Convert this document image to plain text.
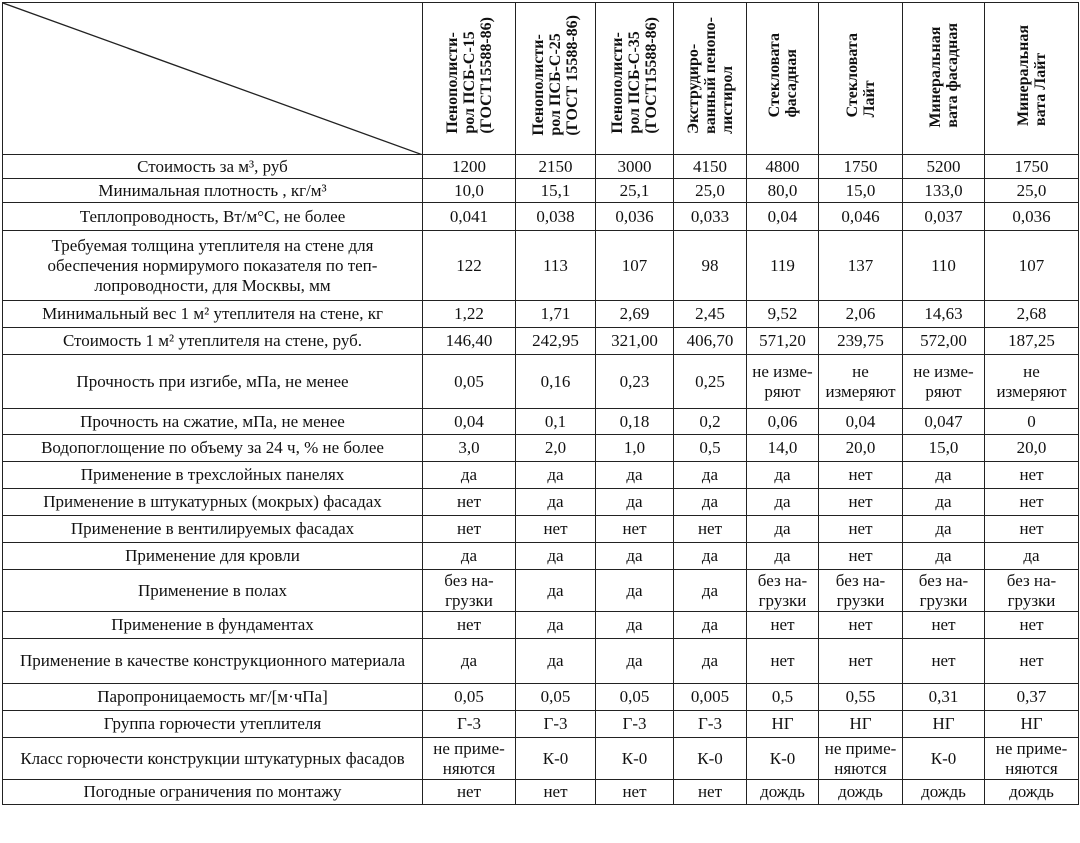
	Пенополисти-
рол ПСБ-С-15
(ГОСТ15588-86)	Пенополисти-
рол ПСБ-С-25
(ГОСТ 15588-86)	Пенополисти-
рол ПСБ-С-35
(ГОСТ15588-86)	Экструдиро-
ванный пенопо-
листирол	Стекловата
фасадная	Стекловата
Лайт	Минеральная
вата фасадная	Минеральная
вата Лайт
Стоимость за м³, руб	1200	2150	3000	4150	4800	1750	5200	1750
Минимальная плотность , кг/м³	10,0	15,1	25,1	25,0	80,0	15,0	133,0	25,0
Теплопроводность, Вт/м°С, не более	0,041	0,038	0,036	0,033	0,04	0,046	0,037	0,036
Требуемая толщина утеплителя на стене для обеспечения нормирумого показателя по теп-лопроводности, для Москвы, мм	122	113	107	98	119	137	110	107
Минимальный вес 1 м² утеплителя на стене, кг	1,22	1,71	2,69	2,45	9,52	2,06	14,63	2,68
Стоимость 1 м² утеплителя на стене, руб.	146,40	242,95	321,00	406,70	571,20	239,75	572,00	187,25
Прочность при изгибе, мПа, не менее	0,05	0,16	0,23	0,25	не изме-ряют	не измеряют	не изме-ряют	не измеряют
Прочность на сжатие, мПа, не менее	0,04	0,1	0,18	0,2	0,06	0,04	0,047	0
Водопоглощение по объему за 24 ч, % не более	3,0	2,0	1,0	0,5	14,0	20,0	15,0	20,0
Применение в трехслойных панелях	да	да	да	да	да	нет	да	нет
Применение в штукатурных (мокрых) фасадах	нет	да	да	да	да	нет	да	нет
Применение в вентилируемых фасадах	нет	нет	нет	нет	да	нет	да	нет
Применение для кровли	да	да	да	да	да	нет	да	да
Применение в полах	без на-грузки	да	да	да	без на-грузки	без на-грузки	без на-грузки	без на-грузки
Применение в фундаментах	нет	да	да	да	нет	нет	нет	нет
Применение в качестве конструкционного материала	да	да	да	да	нет	нет	нет	нет
Паропроницаемость мг/[м·чПа]	0,05	0,05	0,05	0,005	0,5	0,55	0,31	0,37
Группа горючести утеплителя	Г-3	Г-3	Г-3	Г-3	НГ	НГ	НГ	НГ
Класс горючести конструкции штукатурных фасадов	не приме-няются	К-0	К-0	К-0	К-0	не приме-няются	К-0	не приме-няются
Погодные ограничения по монтажу	нет	нет	нет	нет	дождь	дождь	дождь	дождь
